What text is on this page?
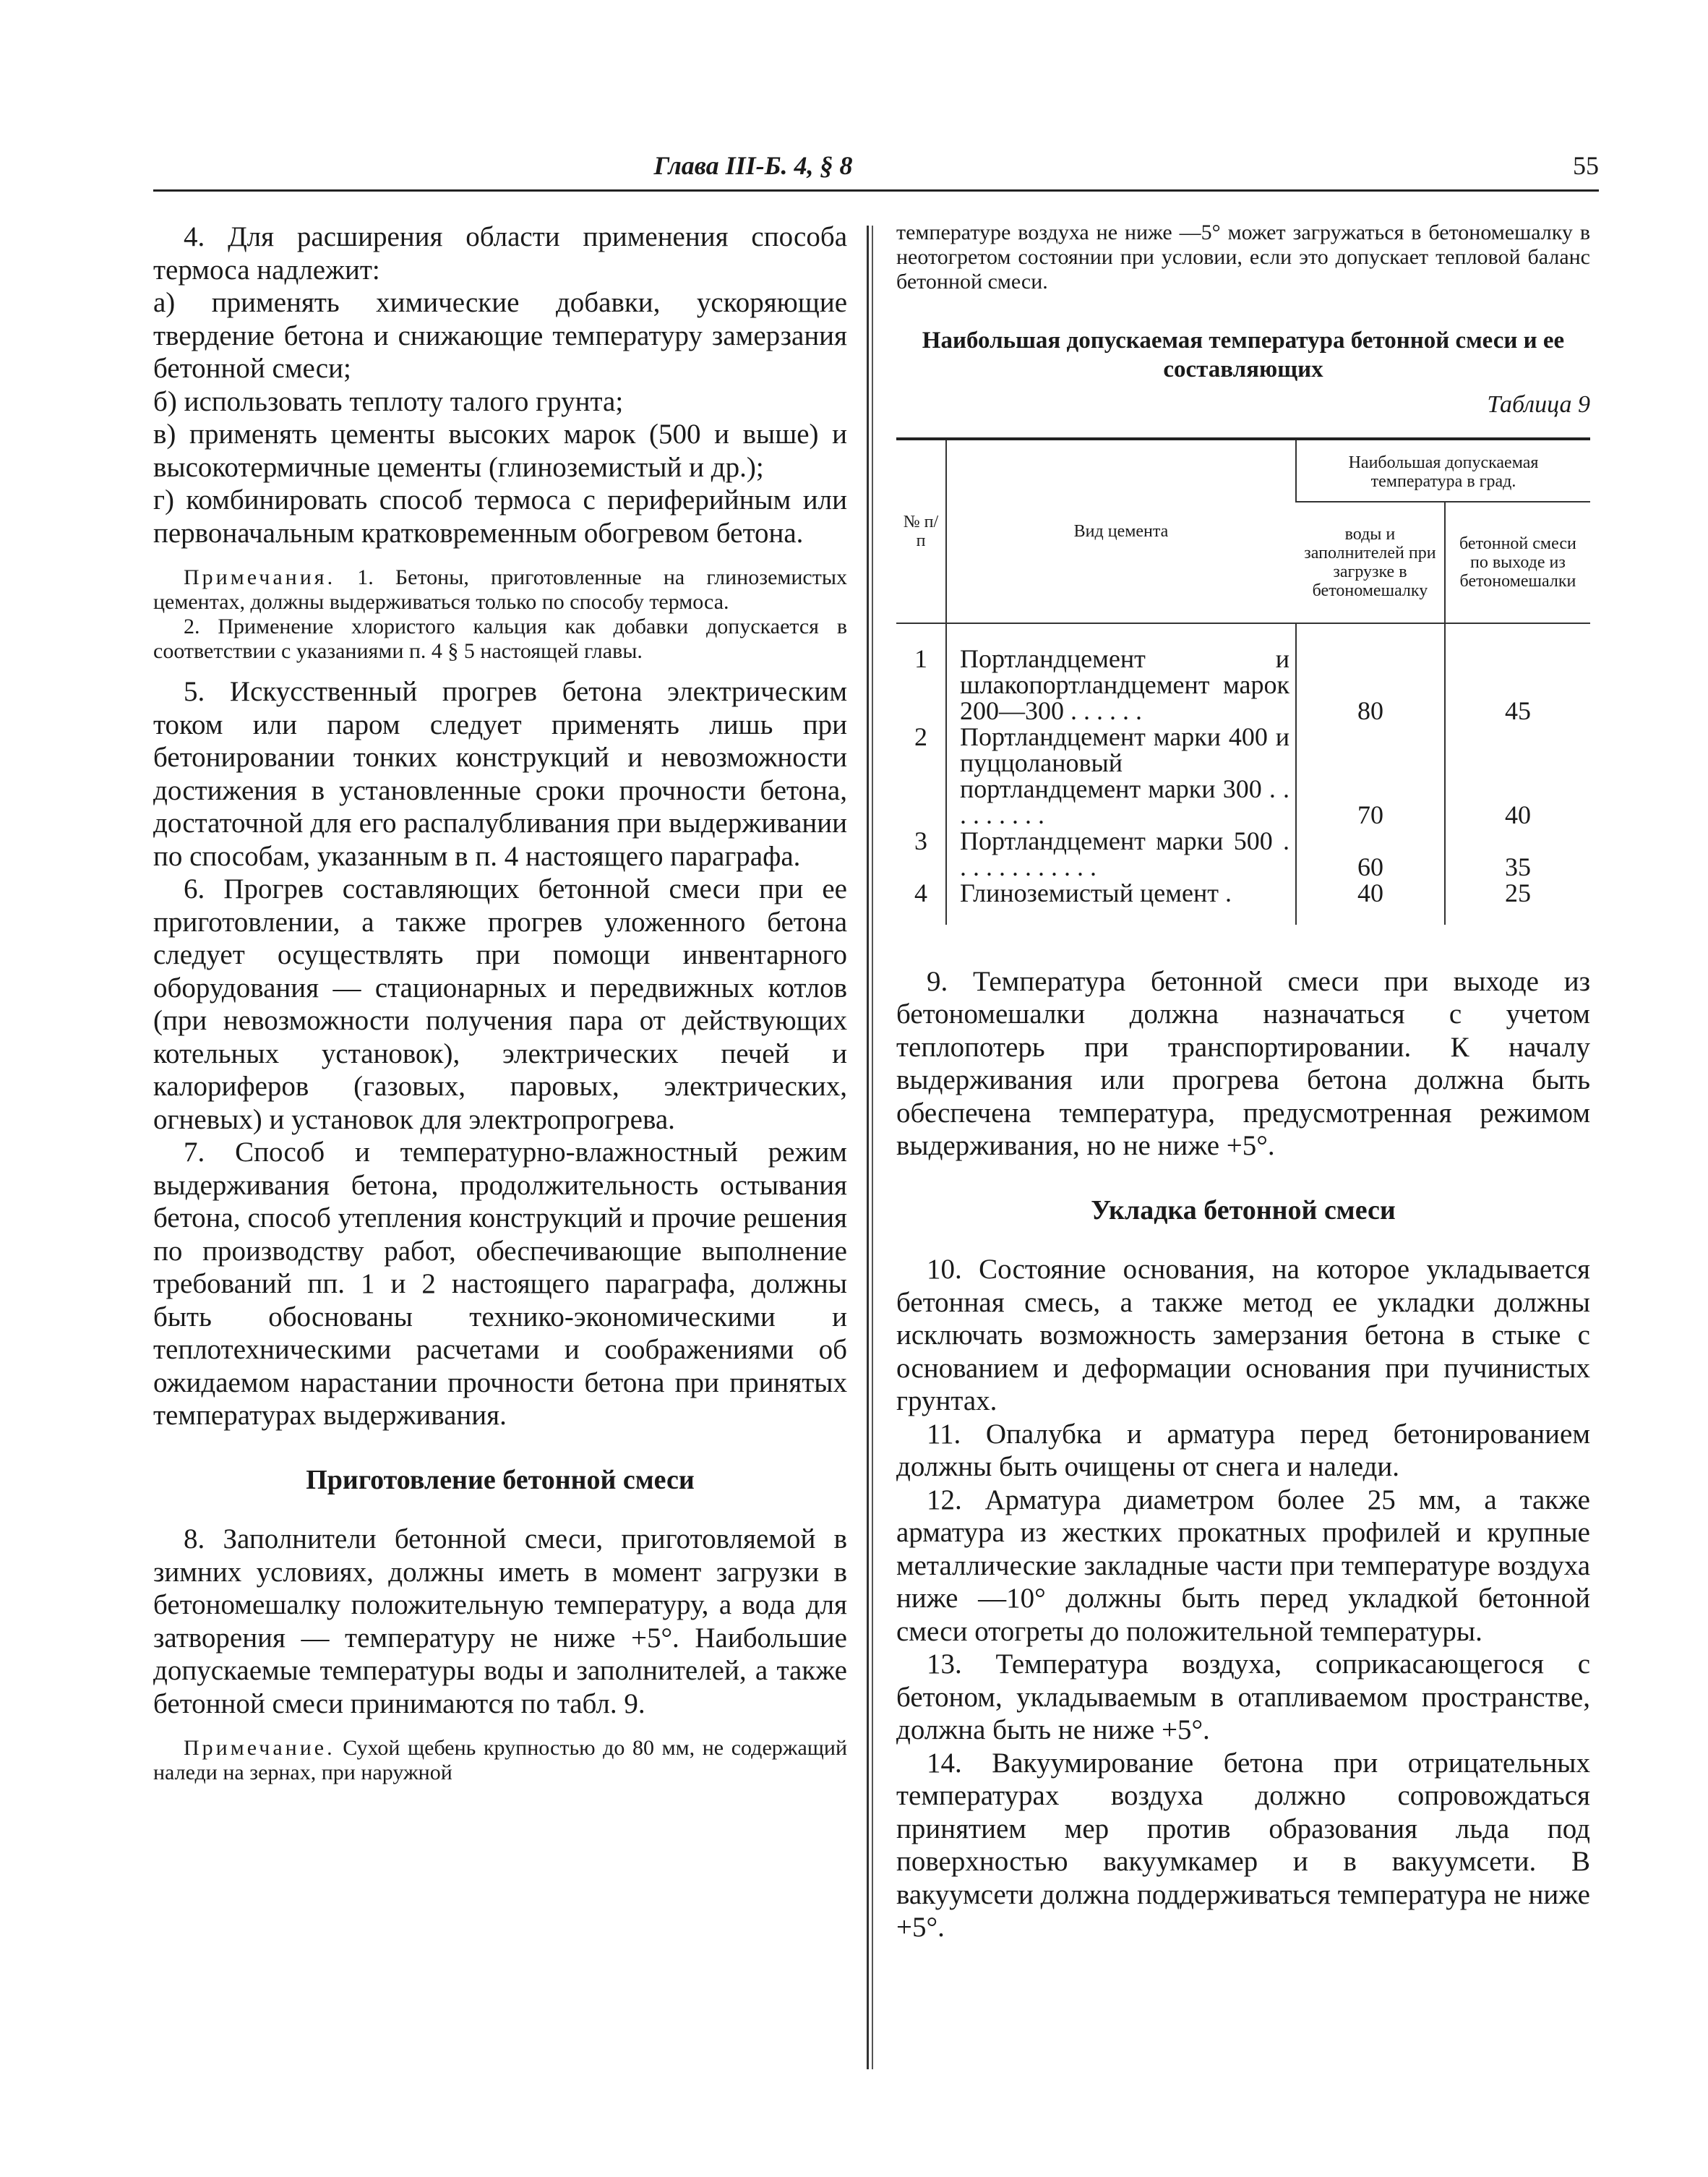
Глава III-Б. 4, § 8	55

4. Для расширения области применения способа термоса надлежит:

а) применять химические добавки, ускоряющие твердение бетона и снижающие температуру замерзания бетонной смеси;

б) использовать теплоту талого грунта;

в) применять цементы высоких марок (500 и выше) и высокотермичные цементы (глиноземистый и др.);

г) комбинировать способ термоса с периферийным или первоначальным кратковременным обогревом бетона.

Примечания. 1. Бетоны, приготовленные на глиноземистых цементах, должны выдерживаться только по способу термоса.

2. Применение хлористого кальция как добавки допускается в соответствии с указаниями п. 4 § 5 настоящей главы.

5. Искусственный прогрев бетона электрическим током или паром следует применять лишь при бетонировании тонких конструкций и невозможности достижения в установленные сроки прочности бетона, достаточной для его распалубливания при выдерживании по способам, указанным в п. 4 настоящего параграфа.

6. Прогрев составляющих бетонной смеси при ее приготовлении, а также прогрев уложенного бетона следует осуществлять при помощи инвентарного оборудования — стационарных и передвижных котлов (при невозможности получения пара от действующих котельных установок), электрических печей и калориферов (газовых, паровых, электрических, огневых) и установок для электропрогрева.

7. Способ и температурно-влажностный режим выдерживания бетона, продолжительность остывания бетона, способ утепления конструкций и прочие решения по производству работ, обеспечивающие выполнение требований пп. 1 и 2 настоящего параграфа, должны быть обоснованы технико-экономическими и теплотехническими расчетами и соображениями об ожидаемом нарастании прочности бетона при принятых температурах выдерживания.

Приготовление бетонной смеси

8. Заполнители бетонной смеси, приготовляемой в зимних условиях, должны иметь в момент загрузки в бетономешалку положительную температуру, а вода для затворения — температуру не ниже +5°. Наибольшие допускаемые температуры воды и заполнителей, а также бетонной смеси принимаются по табл. 9.

Примечание. Сухой щебень крупностью до 80 мм, не содержащий наледи на зернах, при наружной

температуре воздуха не ниже —5° может загружаться в бетономешалку в неотогретом состоянии при условии, если это допускает тепловой баланс бетонной смеси.

Наибольшая допускаемая температура бетонной смеси и ее составляющих
Таблица 9
№ п/п	Вид цемента	Наибольшая допускаемая температура в град.	
		воды и заполнителей при загрузке в бетономешалку	бетонной смеси по выходе из бетономешалки
1	Портландцемент и шлакопортландцемент марок 200—300 . . . . . .	80	45
2	Портландцемент марки 400 и пуццолановый портландцемент марки 300 . . . . . . . . .	70	40
3	Портландцемент марки 500 . . . . . . . . . . . .	60	35
4	Глиноземистый цемент .	40	25

9. Температура бетонной смеси при выходе из бетономешалки должна назначаться с учетом теплопотерь при транспортировании. К началу выдерживания или прогрева бетона должна быть обеспечена температура, предусмотренная режимом выдерживания, но не ниже +5°.

Укладка бетонной смеси

10. Состояние основания, на которое укладывается бетонная смесь, а также метод ее укладки должны исключать возможность замерзания бетона в стыке с основанием и деформации основания при пучинистых грунтах.

11. Опалубка и арматура перед бетонированием должны быть очищены от снега и наледи.

12. Арматура диаметром более 25 мм, а также арматура из жестких прокатных профилей и крупные металлические закладные части при температуре воздуха ниже —10° должны быть перед укладкой бетонной смеси отогреты до положительной температуры.

13. Температура воздуха, соприкасающегося с бетоном, укладываемым в отапливаемом пространстве, должна быть не ниже +5°.

14. Вакуумирование бетона при отрицательных температурах воздуха должно сопровождаться принятием мер против образования льда под поверхностью вакуумкамер и в вакуумсети. В вакуумсети должна поддерживаться температура не ниже +5°.
